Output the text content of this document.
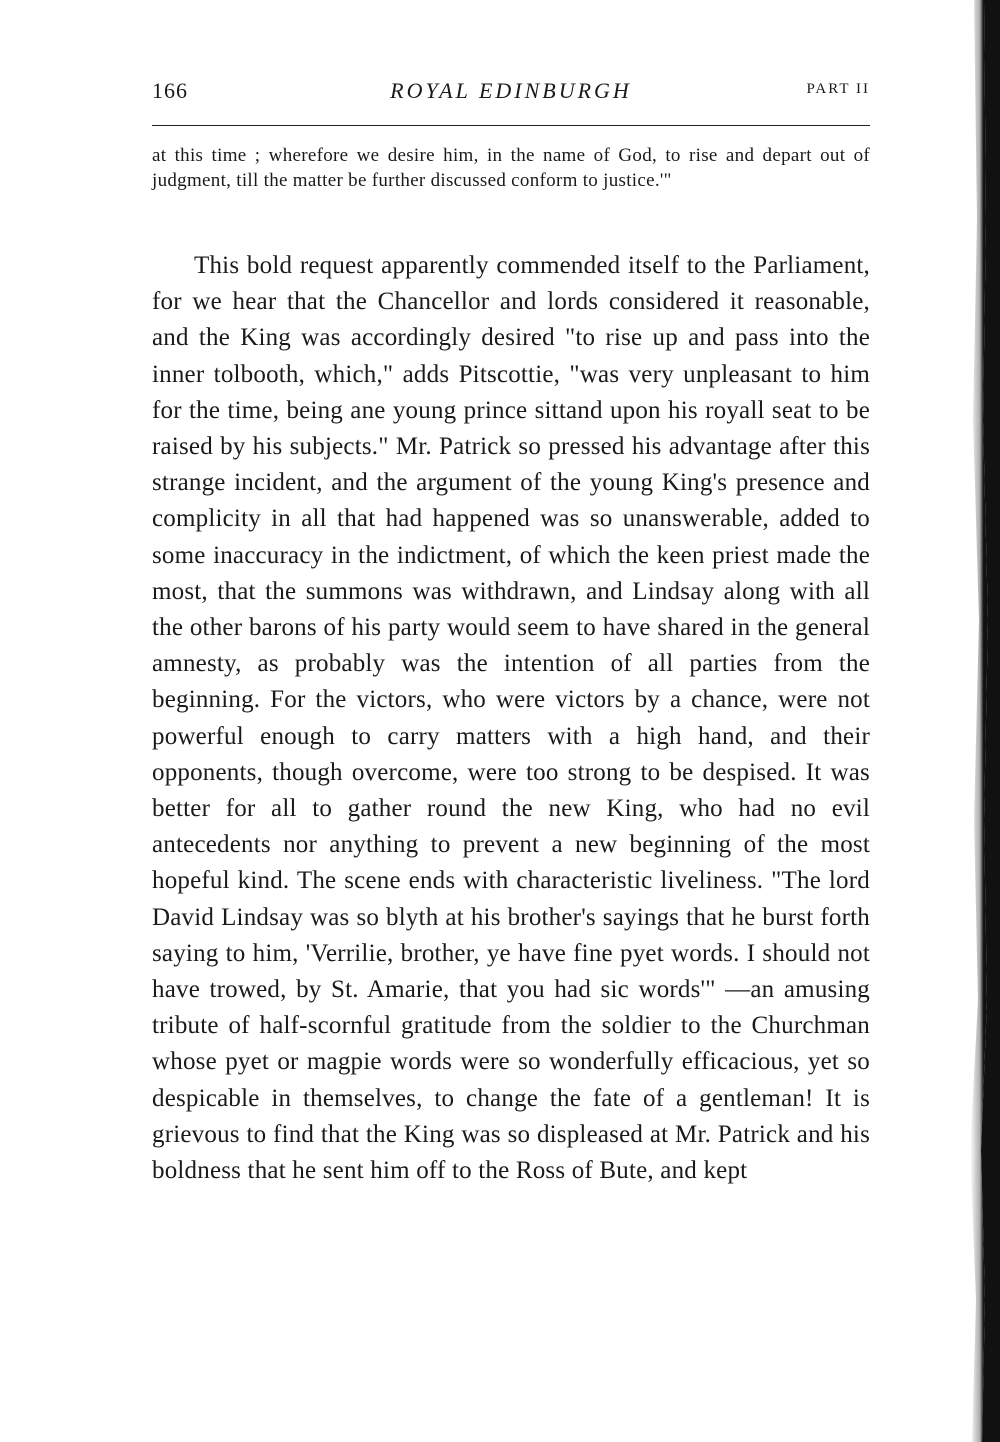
166	ROYAL EDINBURGH	PART II
at this time ; wherefore we desire him, in the name of God, to rise and depart out of judgment, till the matter be further discussed conform to justice.'"

This bold request apparently commended itself to the Parliament, for we hear that the Chancellor and lords considered it reasonable, and the King was accordingly desired "to rise up and pass into the inner tolbooth, which," adds Pitscottie, "was very unpleasant to him for the time, being ane young prince sittand upon his royall seat to be raised by his subjects." Mr. Patrick so pressed his advantage after this strange incident, and the argument of the young King's presence and complicity in all that had happened was so unanswerable, added to some inaccuracy in the indictment, of which the keen priest made the most, that the summons was withdrawn, and Lindsay along with all the other barons of his party would seem to have shared in the general amnesty, as probably was the intention of all parties from the beginning. For the victors, who were victors by a chance, were not powerful enough to carry matters with a high hand, and their opponents, though overcome, were too strong to be despised. It was better for all to gather round the new King, who had no evil antecedents nor anything to prevent a new beginning of the most hopeful kind. The scene ends with characteristic liveliness. "The lord David Lindsay was so blyth at his brother's sayings that he burst forth saying to him, 'Verrilie, brother, ye have fine pyet words. I should not have trowed, by St. Amarie, that you had sic words'" —an amusing tribute of half-scornful gratitude from the soldier to the Churchman whose pyet or magpie words were so wonderfully efficacious, yet so despicable in themselves, to change the fate of a gentleman! It is grievous to find that the King was so displeased at Mr. Patrick and his boldness that he sent him off to the Ross of Bute, and kept
